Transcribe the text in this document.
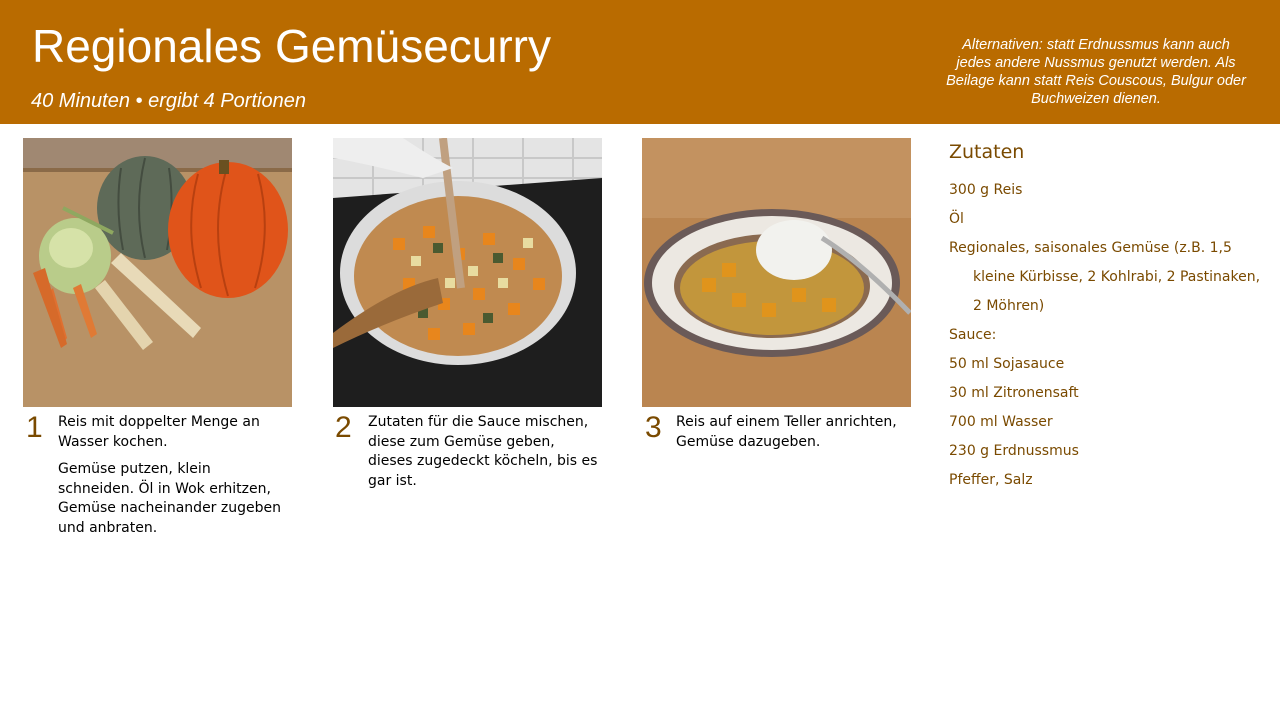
Regionales Gemüsecurry
40 Minuten • ergibt 4 Portionen
Alternativen: statt Erdnussmus kann auch jedes andere Nussmus genutzt werden. Als Beilage kann statt Reis Couscous, Bulgur oder Buchweizen dienen.
1 Reis mit doppelter Menge an Wasser kochen.

Gemüse putzen, klein schneiden. Öl in Wok erhitzen, Gemüse nacheinander zugeben und anbraten.

2 Zutaten für die Sauce mischen, diese zum Gemüse geben, dieses zugedeckt köcheln, bis es gar ist.

3 Reis auf einem Teller anrichten, Gemüse dazugeben.

Zutaten
300 g Reis
Öl
Regionales, saisonales Gemüse (z.B. 1,5 kleine Kürbisse, 2 Kohlrabi, 2 Pastinaken, 2 Möhren)
Sauce:
50 ml Sojasauce
30 ml Zitronensaft
700 ml Wasser
230 g Erdnussmus
Pfeffer, Salz
